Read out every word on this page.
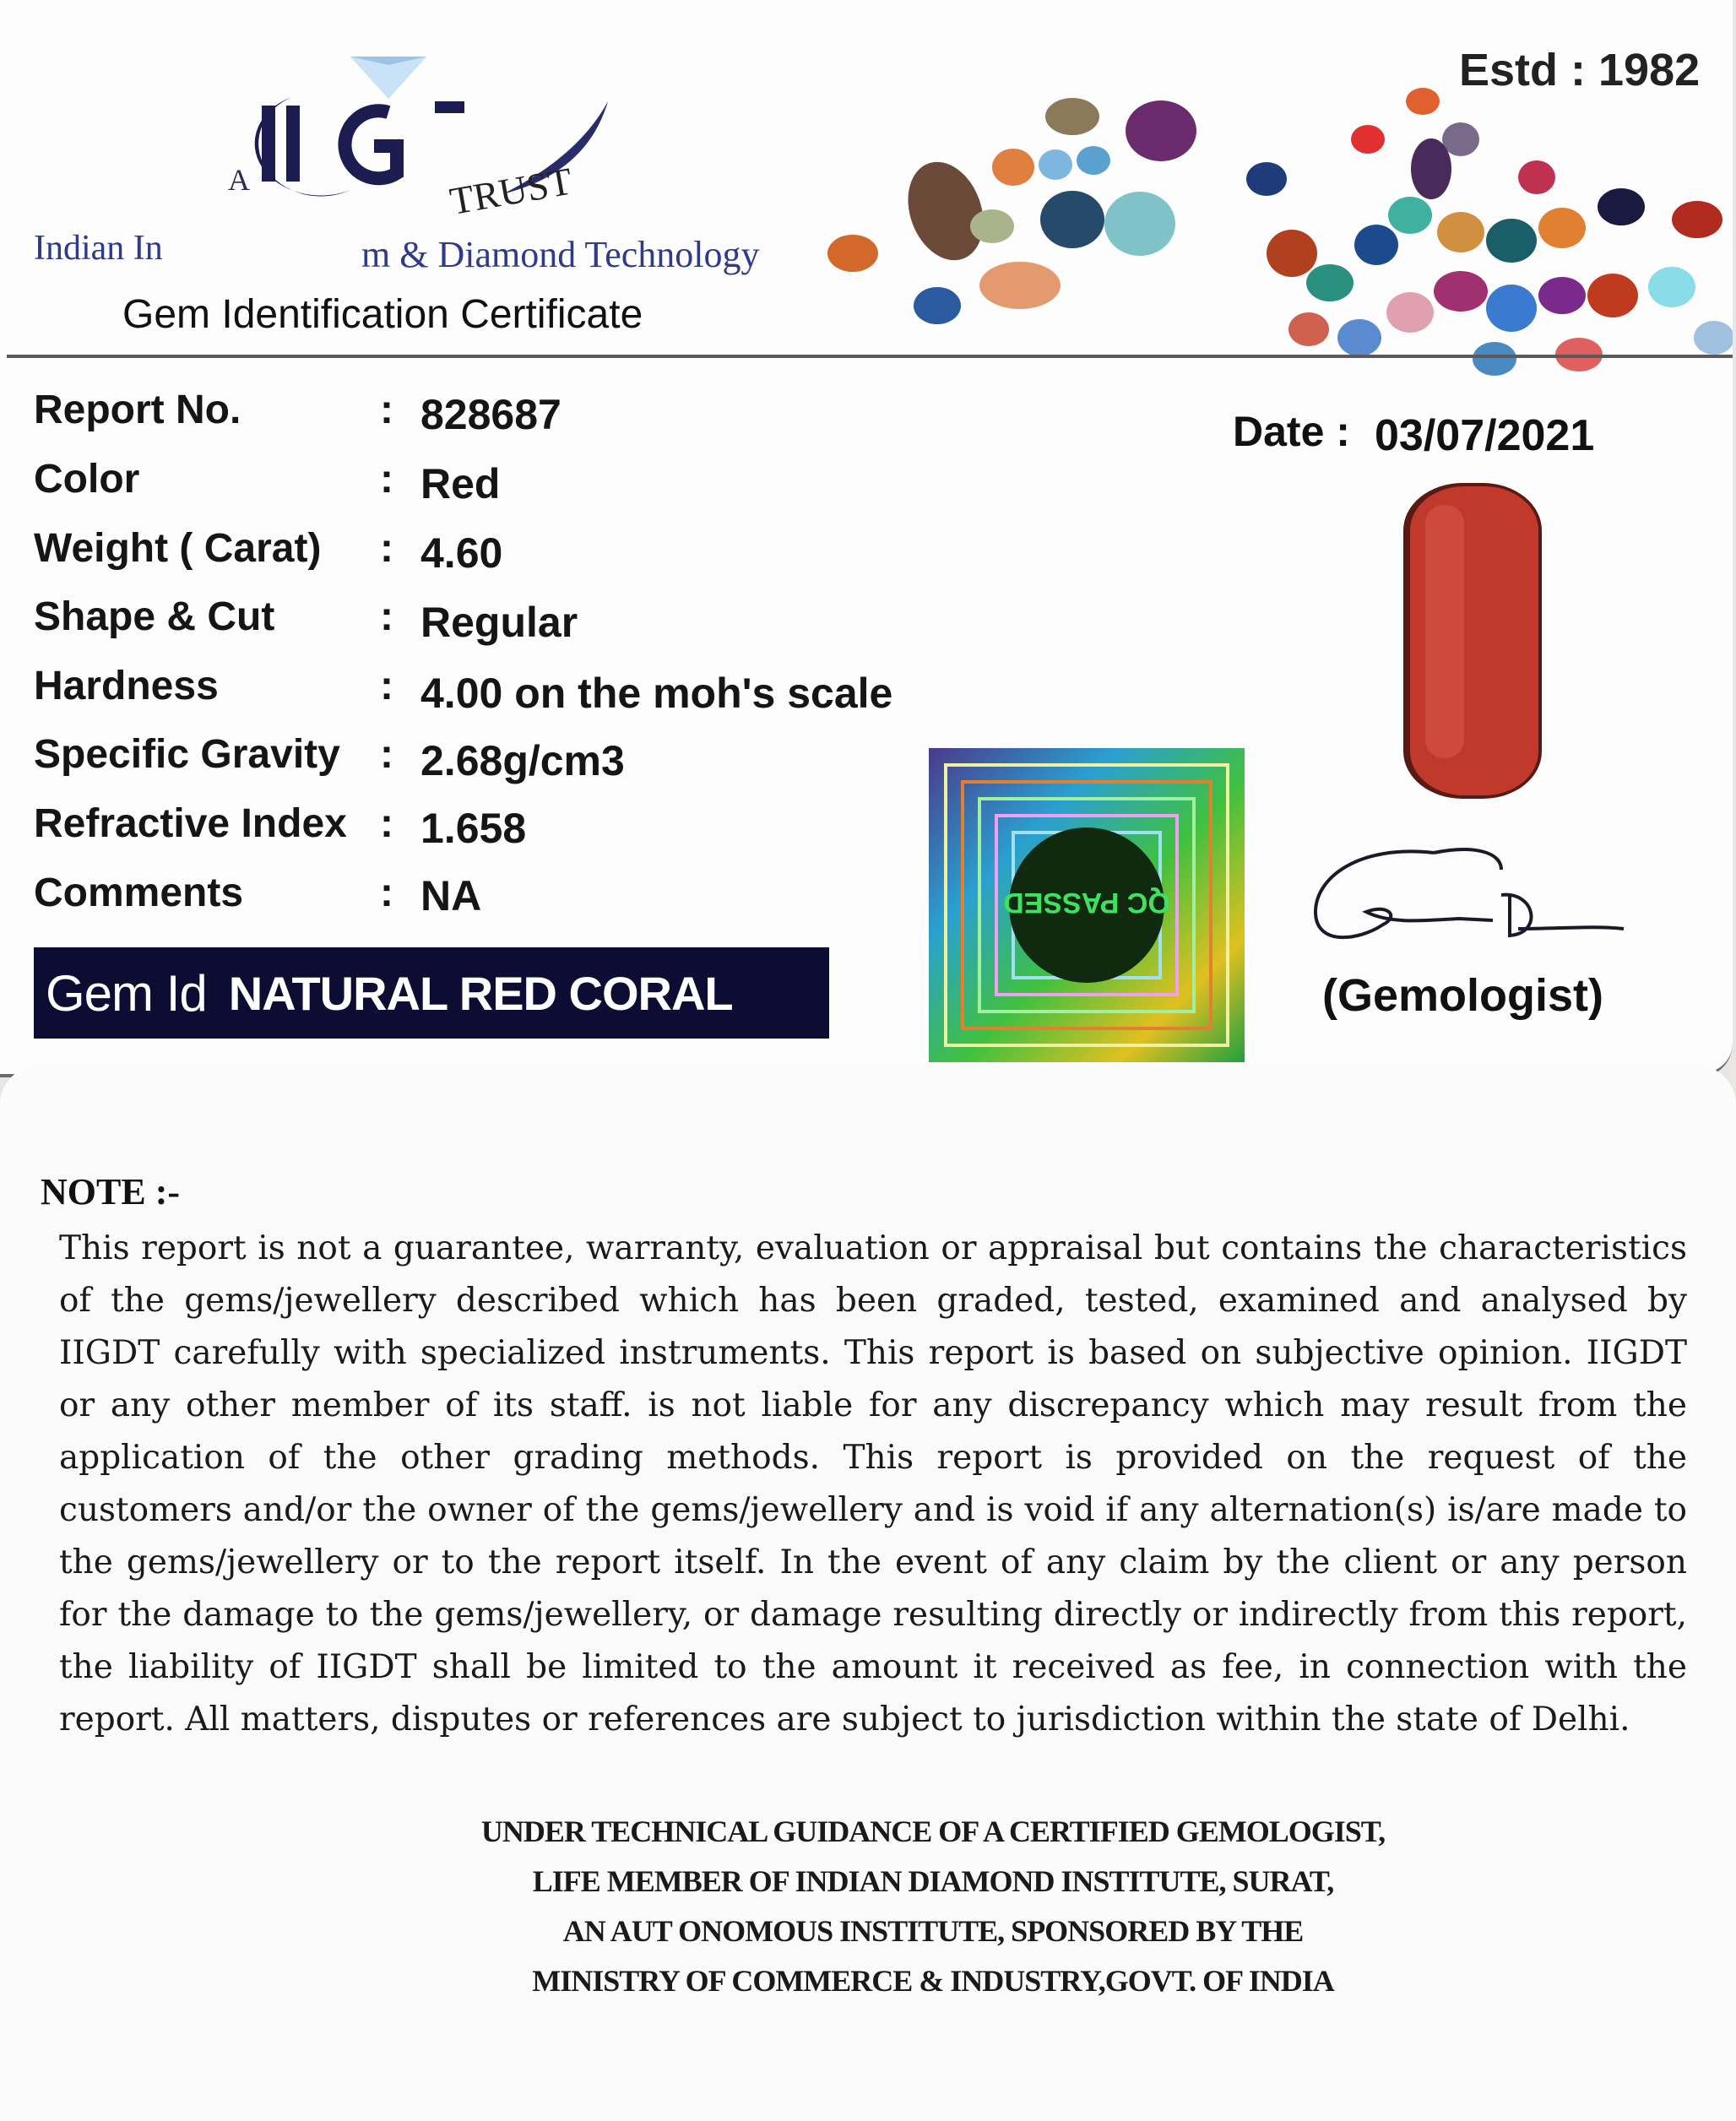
A	TRUST
Indian In	m & Diamond Technology
Gem Identification Certificate
Estd : 1982
Report No.	: 828687
Color	: Red
Weight ( Carat) : 4.60
Shape & Cut	: Regular
Hardness	: 4.00 on the moh's scale
Specific Gravity : 2.68g/cm3
Refractive Index : 1.658
Comments	: NA
Date : 03/07/2021
Gem Id NATURAL RED CORAL
QC PASSED
(Gemologist)
NOTE :-
This report is not a guarantee, warranty, evaluation or appraisal but contains the characteristics of the gems/jewellery described which has been graded, tested, examined and analysed by IIGDT carefully with specialized instruments. This report is based on subjective opinion. IIGDT or any other member of its staff. is not liable for any discrepancy which may result from the application of the other grading methods. This report is provided on the request of the customers and/or the owner of the gems/jewellery and is void if any alternation(s) is/are made to the gems/jewellery or to the report itself. In the event of any claim by the client or any person for the damage to the gems/jewellery, or damage resulting directly or indirectly from this report, the liability of IIGDT shall be limited to the amount it received as fee, in connection with the report. All matters, disputes or references are subject to jurisdiction within the state of Delhi.
UNDER TECHNICAL GUIDANCE OF A CERTIFIED GEMOLOGIST,
LIFE MEMBER OF INDIAN DIAMOND INSTITUTE, SURAT,
AN AUT ONOMOUS INSTITUTE, SPONSORED BY THE
MINISTRY OF COMMERCE & INDUSTRY,GOVT. OF INDIA
